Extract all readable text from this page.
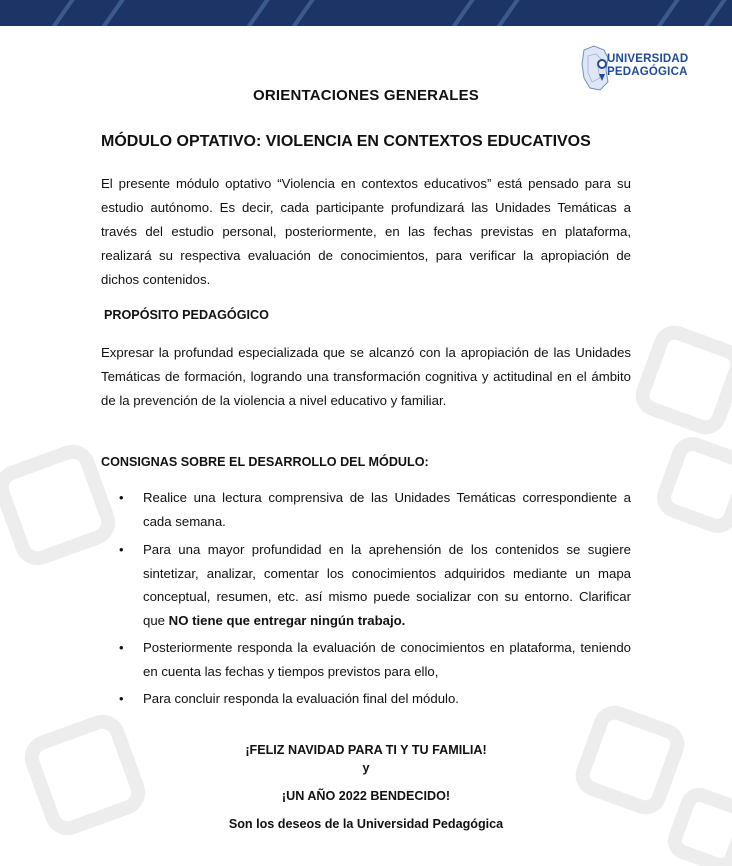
UNIVERSIDAD
PEDAGÓGICA
ORIENTACIONES GENERALES
MÓDULO OPTATIVO: VIOLENCIA EN CONTEXTOS EDUCATIVOS
El presente módulo optativo “Violencia en contextos educativos” está pensado para su estudio autónomo. Es decir, cada participante profundizará las Unidades Temáticas a través del estudio personal, posteriormente, en las fechas previstas en plataforma, realizará su respectiva evaluación de conocimientos, para verificar la apropiación de dichos contenidos.
PROPÓSITO PEDAGÓGICO
Expresar la profundad especializada que se alcanzó con la apropiación de las Unidades Temáticas de formación, logrando una transformación cognitiva y actitudinal en el ámbito de la prevención de la violencia a nivel educativo y familiar.
CONSIGNAS SOBRE EL DESARROLLO DEL MÓDULO:
• Realice una lectura comprensiva de las Unidades Temáticas correspondiente a cada semana.
• Para una mayor profundidad en la aprehensión de los contenidos se sugiere sintetizar, analizar, comentar los conocimientos adquiridos mediante un mapa conceptual, resumen, etc. así mismo puede socializar con su entorno. Clarificar que NO tiene que entregar ningún trabajo.
• Posteriormente responda la evaluación de conocimientos en plataforma, teniendo en cuenta las fechas y tiempos previstos para ello,
• Para concluir responda la evaluación final del módulo.
¡FELIZ NAVIDAD PARA TI Y TU FAMILIA!
y
¡UN AÑO 2022 BENDECIDO!
Son los deseos de la Universidad Pedagógica
